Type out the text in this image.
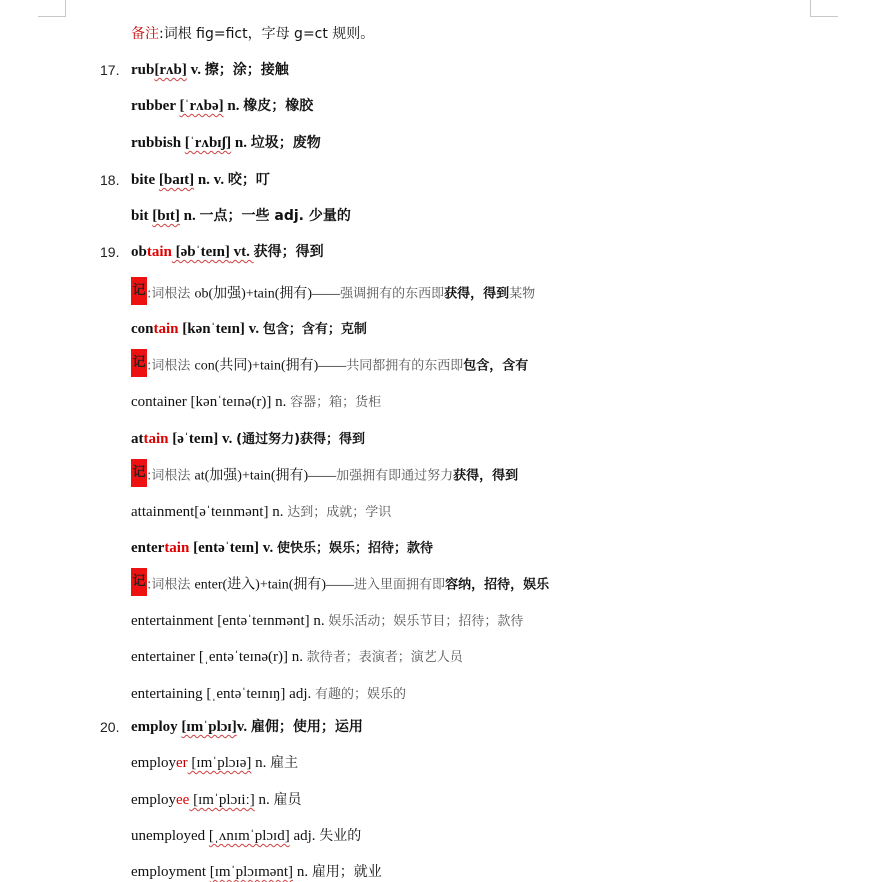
备注:词根 fig=fict，字母 g=ct 规则。
17. rub[rʌb] v. 擦；涂；接触
rubber [ˈrʌbə] n. 橡皮；橡胶
rubbish [ˈrʌbɪʃ] n. 垃圾；废物
18. bite [baɪt] n. v. 咬；叮
bit [bɪt] n. 一点；一些 adj. 少量的
19. obtain [əbˈteɪn] vt. 获得；得到
记 :词根法 ob(加强)+tain(拥有)——强调拥有的东西即获得，得到某物
contain [kənˈteɪn] v. 包含；含有；克制
记 :词根法 con(共同)+tain(拥有)——共同都拥有的东西即包含，含有
container [kənˈteɪnə(r)] n. 容器；箱；货柜
attain [əˈteɪn] v. (通过努力)获得；得到
记 :词根法 at(加强)+tain(拥有)——加强拥有即通过努力获得，得到
attainment[əˈteɪnmənt] n. 达到；成就；学识
entertain [entəˈteɪn] v. 使快乐；娱乐；招待；款待
记 :词根法 enter(进入)+tain(拥有)——进入里面拥有即容纳，招待，娱乐
entertainment [entəˈteɪnmənt] n. 娱乐活动；娱乐节目；招待；款待
entertainer [ˌentəˈteɪnə(r)] n. 款待者；表演者；演艺人员
entertaining [ˌentəˈteɪnɪŋ] adj. 有趣的；娱乐的
20. employ [ɪmˈplɔɪ]v. 雇佣；使用；运用
employer [ɪmˈplɔɪə] n. 雇主
employee [ɪmˈplɔɪiː] n. 雇员
unemployed [ˌʌnɪmˈplɔɪd] adj. 失业的
employment [ɪmˈplɔɪmənt] n. 雇用；就业
